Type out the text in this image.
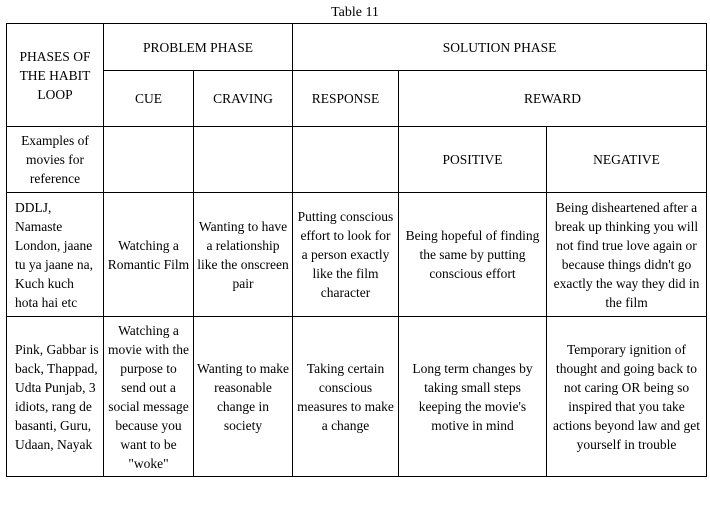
Table 11
PHASES OF THE HABIT LOOP	PROBLEM PHASE		SOLUTION PHASE		
	CUE	CRAVING	RESPONSE	REWARD	
Examples of movies for reference				POSITIVE	NEGATIVE
DDLJ, Namaste London, jaane tu ya jaane na, Kuch kuch hota hai etc	Watching a Romantic Film	Wanting to have a relationship like the onscreen pair	Putting conscious effort to look for a person exactly like the film character	Being hopeful of finding the same by putting conscious effort	Being disheartened after a break up thinking you will not find true love again or because things didn't go exactly the way they did in the film
Pink, Gabbar is back, Thappad, Udta Punjab, 3 idiots, rang de basanti, Guru, Udaan, Nayak	Watching a movie with the purpose to send out a social message because you want to be "woke"	Wanting to make reasonable change in society	Taking certain conscious measures to make a change	Long term changes by taking small steps keeping the movie's motive in mind	Temporary ignition of thought and going back to not caring OR being so inspired that you take actions beyond law and get yourself in trouble
